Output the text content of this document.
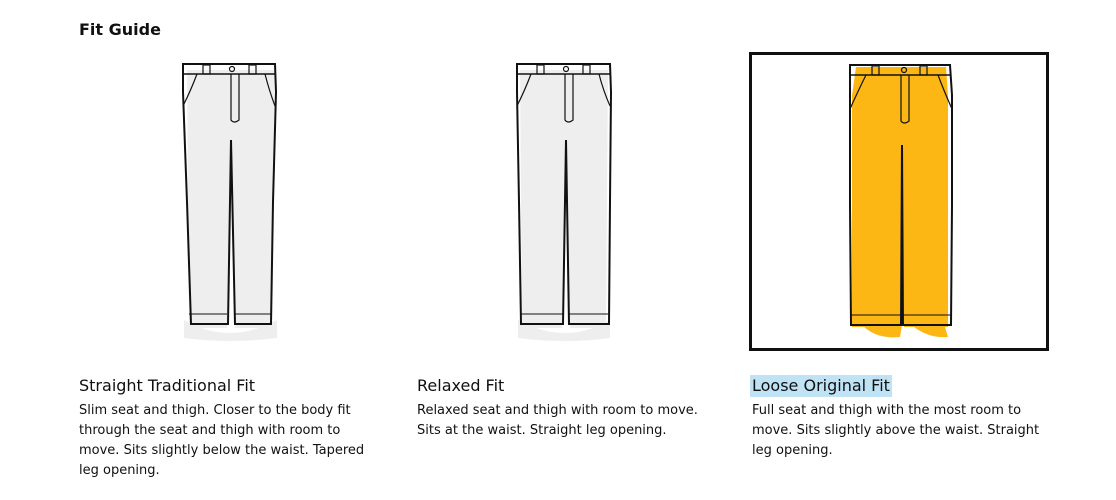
Fit Guide
Straight Traditional Fit

Slim seat and thigh. Closer to the body fit through the seat and thigh with room to move. Sits slightly below the waist. Tapered leg opening.

Relaxed Fit

Relaxed seat and thigh with room to move. Sits at the waist. Straight leg opening.

Loose Original Fit

Full seat and thigh with the most room to move. Sits slightly above the waist. Straight leg opening.
